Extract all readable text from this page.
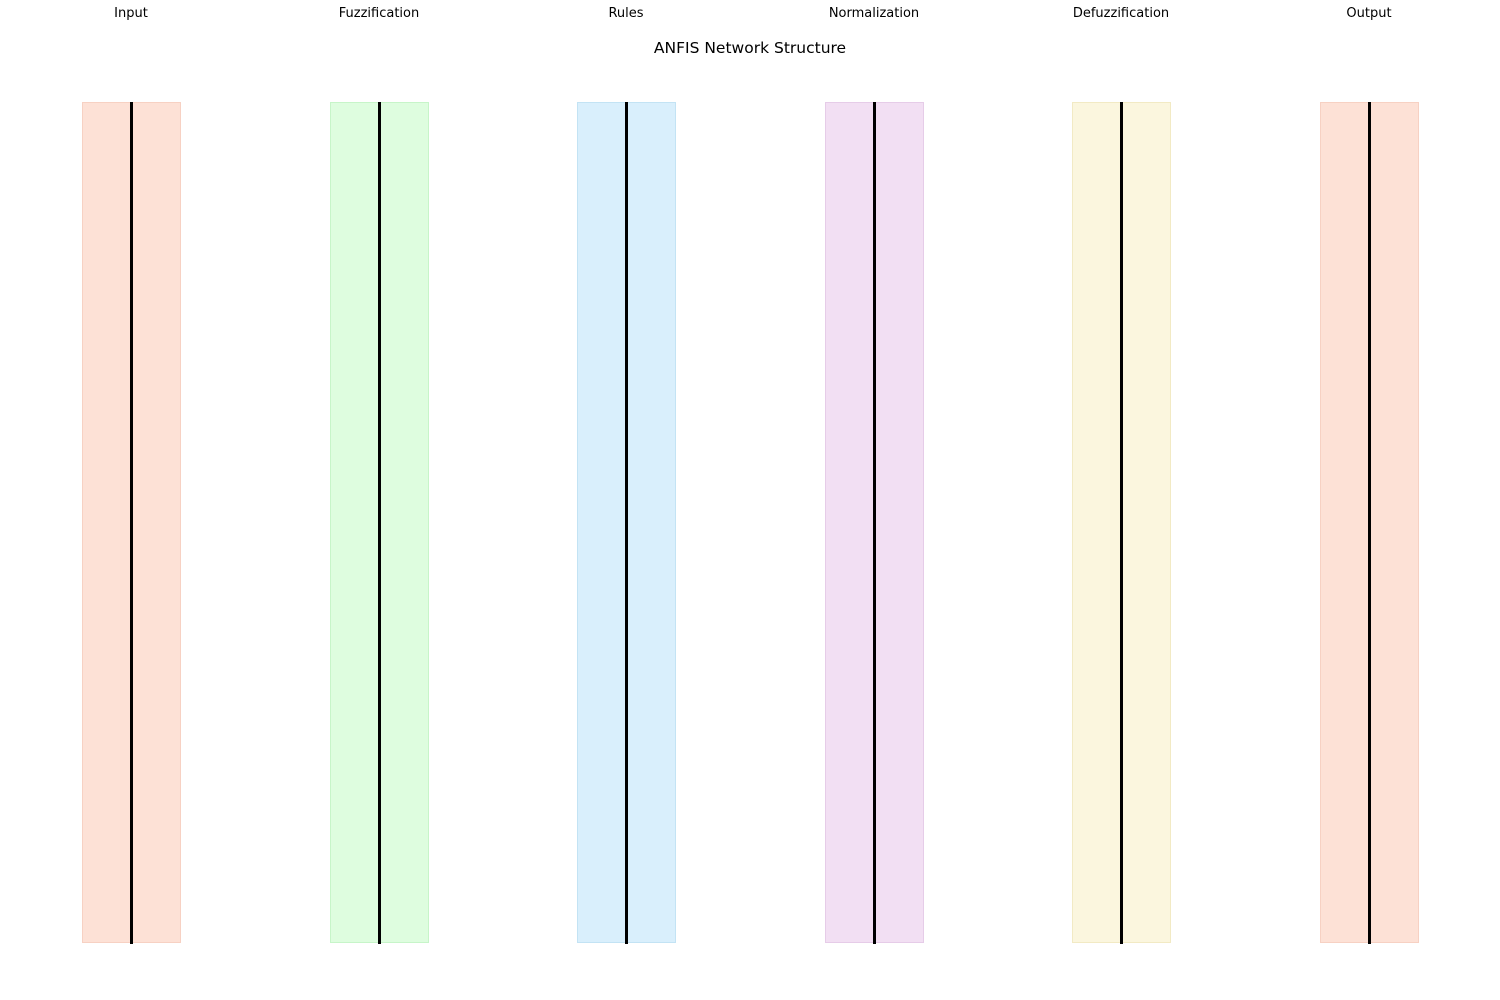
ANFIS Network Structure
Input	Fuzzification	Rules	Normalization	Defuzzification	Output
